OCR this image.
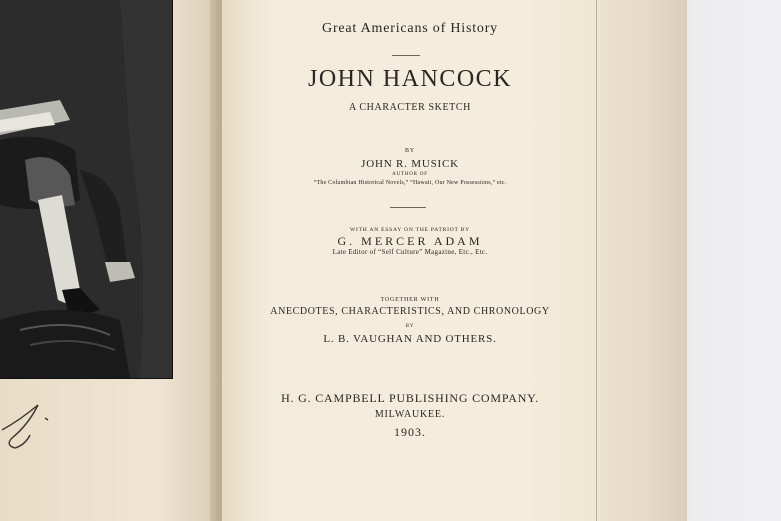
Great Americans of History
JOHN HANCOCK
A CHARACTER SKETCH
BY
JOHN R. MUSICK
AUTHOR OF
“The Columbian Historical Novels,” “Hawaii, Our New Possessions,” etc.
WITH AN ESSAY ON THE PATRIOT BY
G. MERCER ADAM
Late Editor of “Self Culture” Magazine, Etc., Etc.
TOGETHER WITH
ANECDOTES, CHARACTERISTICS, AND CHRONOLOGY
BY
L. B. VAUGHAN AND OTHERS.
H. G. CAMPBELL PUBLISHING COMPANY.
MILWAUKEE.
1903.
